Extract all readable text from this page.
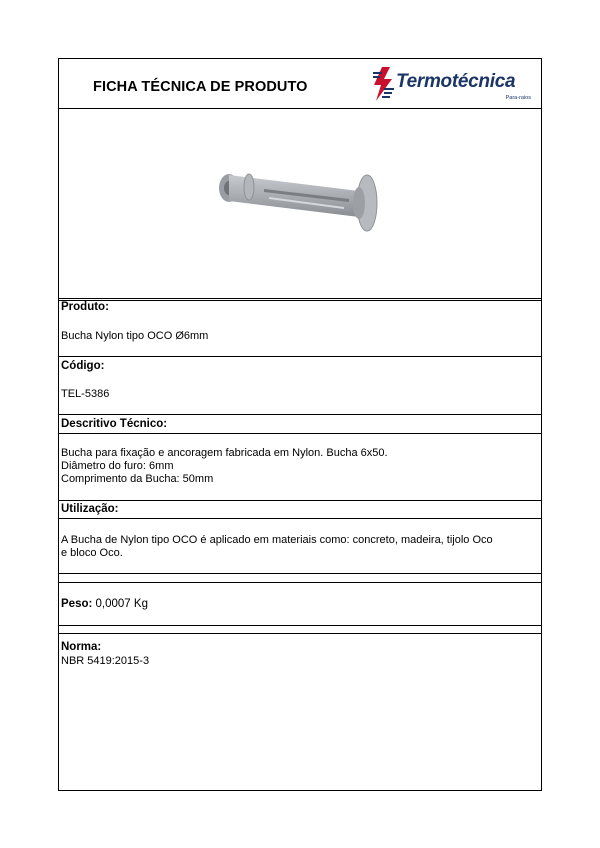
FICHA TÉCNICA DE PRODUTO	Termotécnica
Para-raios
Produto:
Bucha Nylon tipo OCO Ø6mm
Código:
TEL-5386
Descritivo Técnico:
Bucha para fixação e ancoragem fabricada em Nylon. Bucha 6x50.
Diâmetro do furo: 6mm
Comprimento da Bucha: 50mm
Utilização:
A Bucha de Nylon tipo OCO é aplicado em materiais como: concreto, madeira, tijolo Oco
e bloco Oco.
Peso: 0,0007 Kg
Norma:
NBR 5419:2015-3
